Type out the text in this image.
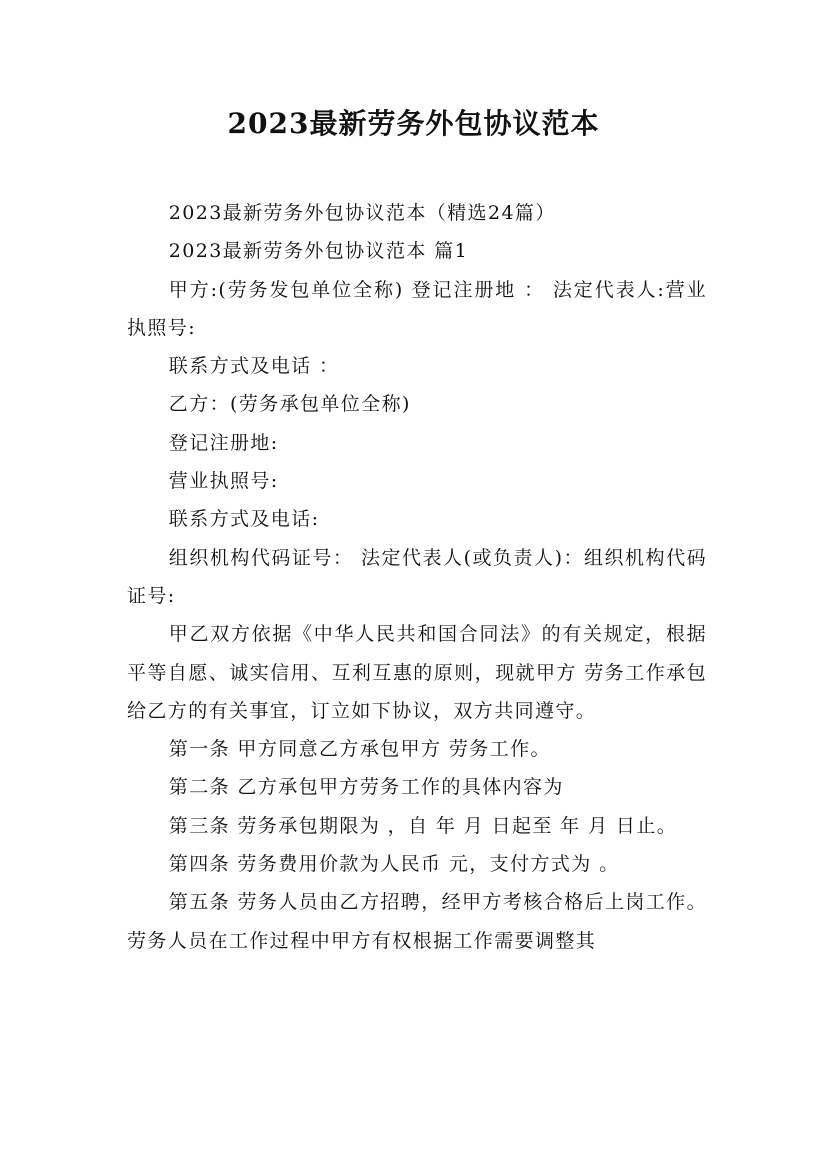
2023最新劳务外包协议范本

2023最新劳务外包协议范本（精选24篇）

2023最新劳务外包协议范本 篇1

甲方:(劳务发包单位全称) 登记注册地 ： 法定代表人:营业执照号:

联系方式及电话 ：

乙方：(劳务承包单位全称)

登记注册地:

营业执照号:

联系方式及电话:

组织机构代码证号： 法定代表人(或负责人)：组织机构代码证号:

甲乙双方依据《中华人民共和国合同法》的有关规定，根据平等自愿、诚实信用、互利互惠的原则，现就甲方 劳务工作承包给乙方的有关事宜，订立如下协议，双方共同遵守。

第一条 甲方同意乙方承包甲方 劳务工作。

第二条 乙方承包甲方劳务工作的具体内容为

第三条 劳务承包期限为 ，自 年 月 日起至 年 月 日止。

第四条 劳务费用价款为人民币 元，支付方式为 。

第五条 劳务人员由乙方招聘，经甲方考核合格后上岗工作。劳务人员在工作过程中甲方有权根据工作需要调整其
